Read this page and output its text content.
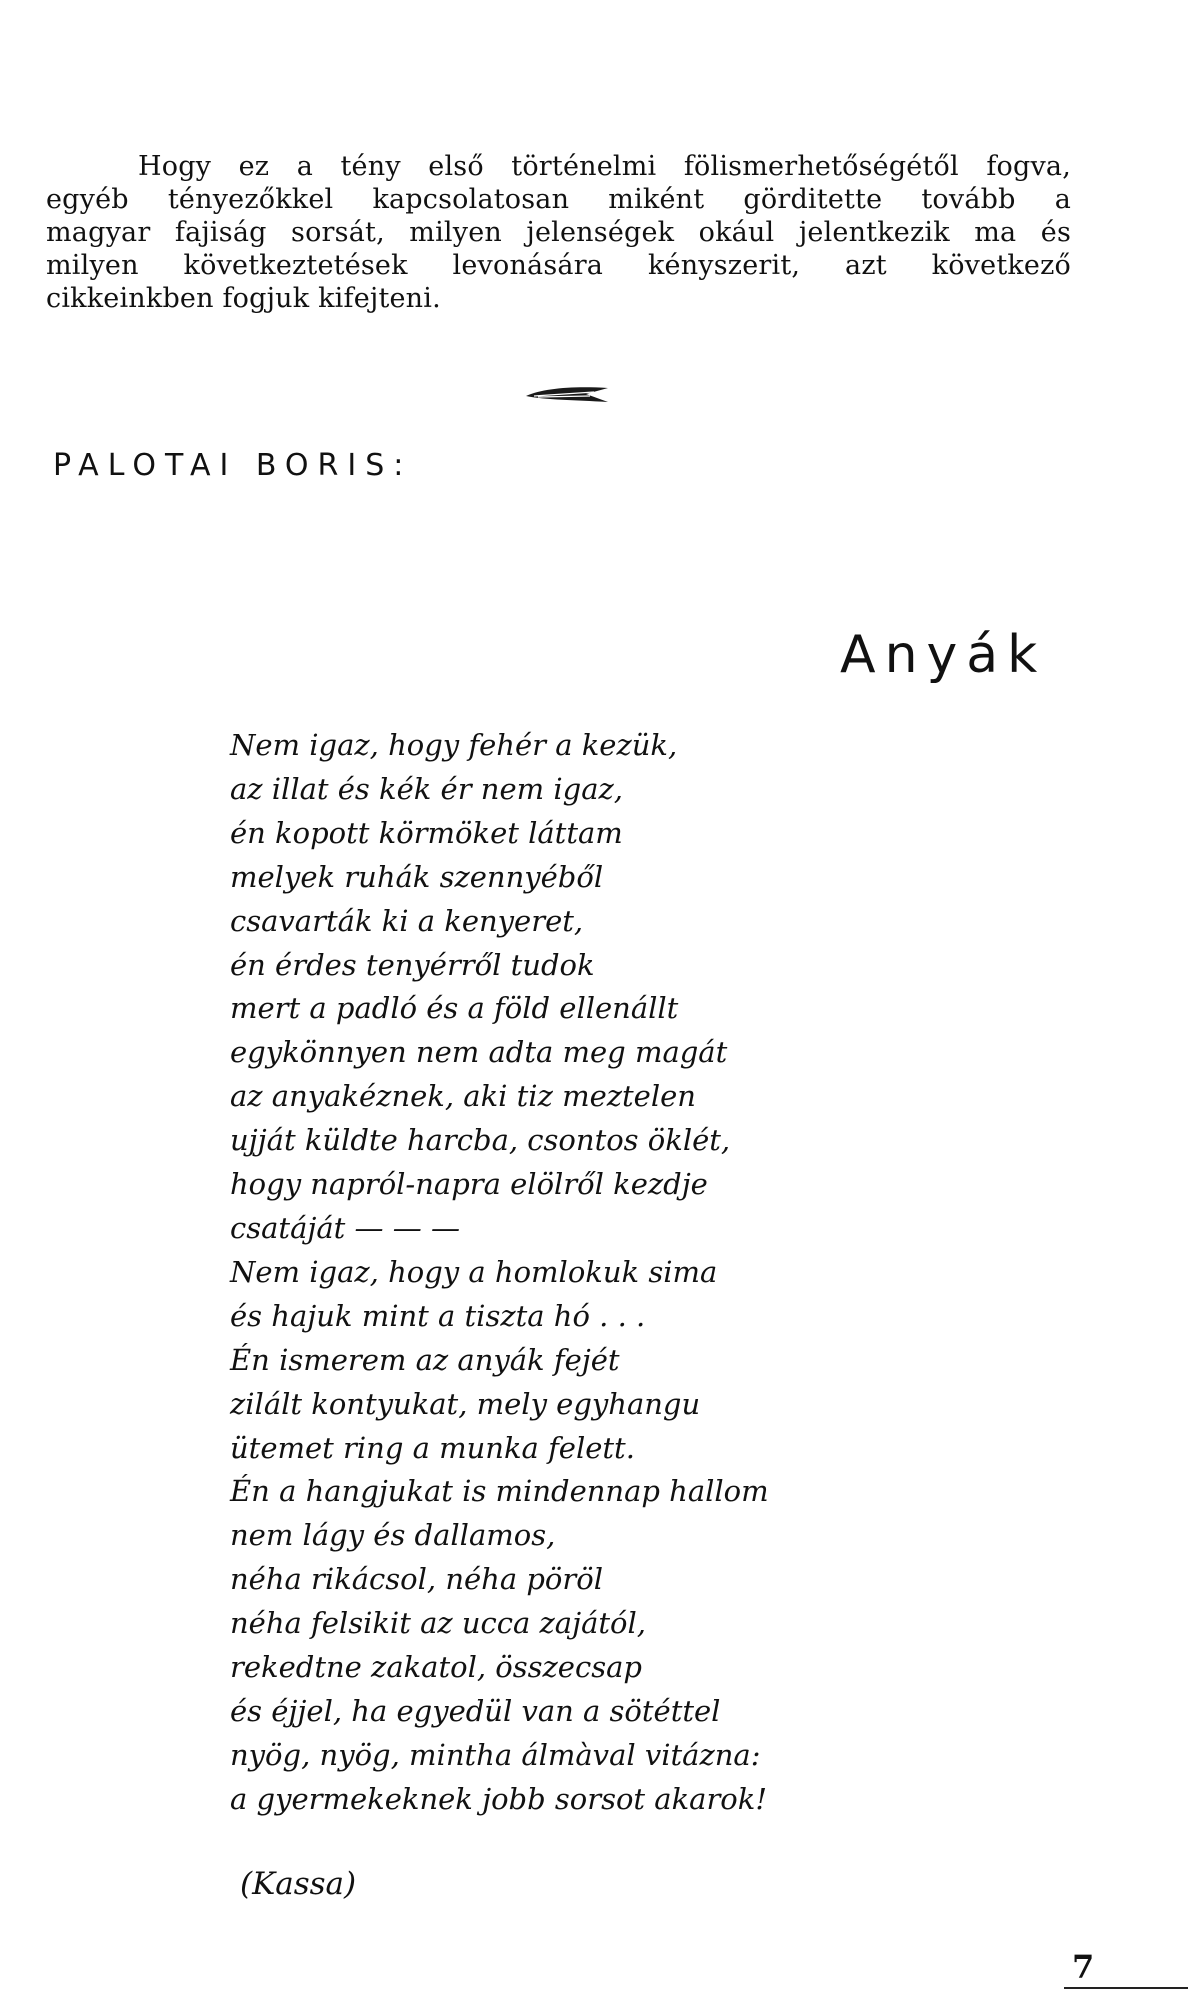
Hogy ez a tény első történelmi fölismerhetőségétől fogva,
egyéb tényezőkkel kapcsolatosan miként görditette tovább a
magyar fajiság sorsát, milyen jelenségek okául jelentkezik ma és
milyen következtetések levonására kényszerit, azt következő
cikkeinkben fogjuk kifejteni.
PALOTAI BORIS:
Anyák
Nem igaz, hogy fehér a kezük,
az illat és kék ér nem igaz,
én kopott körmöket láttam
melyek ruhák szennyéből
csavarták ki a kenyeret,
én érdes tenyérről tudok
mert a padló és a föld ellenállt
egykönnyen nem adta meg magát
az anyakéznek, aki tiz meztelen
ujját küldte harcba, csontos öklét,
hogy napról-napra elölről kezdje
csatáját — — —
Nem igaz, hogy a homlokuk sima
és hajuk mint a tiszta hó . . .
Én ismerem az anyák fejét
zilált kontyukat, mely egyhangu
ütemet ring a munka felett.
Én a hangjukat is mindennap hallom
nem lágy és dallamos,
néha rikácsol, néha pöröl
néha felsikit az ucca zajától,
rekedtne zakatol, összecsap
és éjjel, ha egyedül van a sötéttel
nyög, nyög, mintha álmàval vitázna:
a gyermekeknek jobb sorsot akarok!
(Kassa)
7
